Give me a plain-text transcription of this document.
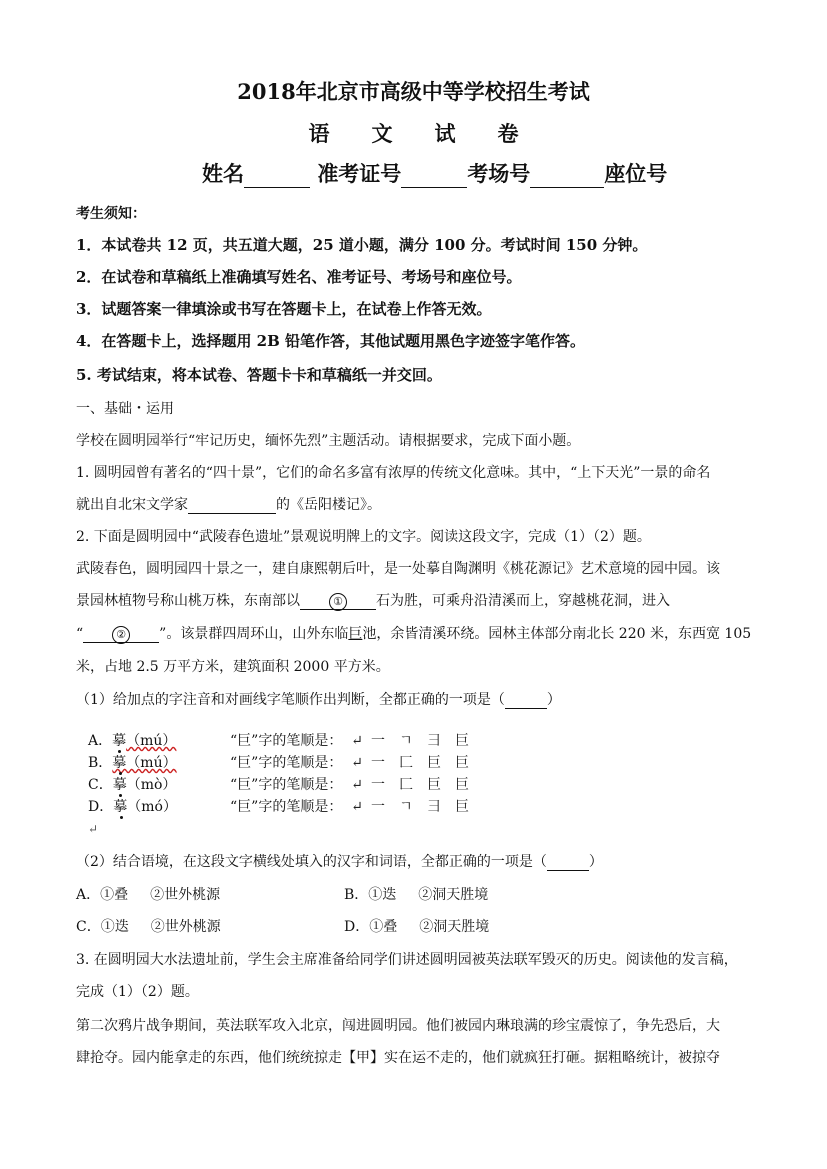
2018年北京市高级中等学校招生考试
语　　文　　试　　卷
姓名	准考证号	考场号	座位号
考生须知：
1．本试卷共 12 页，共五道大题，25 道小题，满分 100 分。考试时间 150 分钟。
2．在试卷和草稿纸上准确填写姓名、准考证号、考场号和座位号。
3．试题答案一律填涂或书写在答题卡上，在试卷上作答无效。
4．在答题卡上，选择题用 2B 铅笔作答，其他试题用黑色字迹签字笔作答。
5. 考试结束，将本试卷、答题卡卡和草稿纸一并交回。
一、基础・运用
学校在圆明园举行“牢记历史，缅怀先烈”主题活动。请根据要求，完成下面小题。
1. 圆明园曾有著名的“四十景”，它们的命名多富有浓厚的传统文化意味。其中，“上下天光”一景的命名
就出自北宋文学家	的《岳阳楼记》。
2. 下面是圆明园中“武陵春色遗址”景观说明牌上的文字。阅读这段文字，完成（1）（2）题。
武陵春色，圆明园四十景之一，建自康熙朝后叶，是一处摹自陶渊明《桃花源记》艺术意境的园中园。该
景园林植物号称山桃万株，东南部以	① 石为胜，可乘舟沿清溪而上，穿越桃花洞，进入
“	② ”。该景群四周环山，山外东临巨池，余皆清溪环绕。园林主体部分南北长 220 米，东西宽 105
米，占地 2.5 万平方米，建筑面积 2000 平方米。
（1）给加点的字注音和对画线字笔顺作出判断，全都正确的一项是（	）
A．摹（mú）	“巨”字的笔顺是： ↵ 一 ㄱ 彐 巨
B．摹（mú）	“巨”字的笔顺是： ↵ 一 匚 巨 巨
C．摹（mò）	“巨”字的笔顺是： ↵ 一 匚 巨 巨
D．摹（mó）	“巨”字的笔顺是： ↵ 一 ㄱ 彐 巨
↵
（2）结合语境，在这段文字横线处填入的汉字和词语，全都正确的一项是（	）
A．①叠 ②世外桃源	B．①迭 ②洞天胜境
C．①迭 ②世外桃源	D．①叠 ②洞天胜境
3. 在圆明园大水法遗址前，学生会主席准备给同学们讲述圆明园被英法联军毁灭的历史。阅读他的发言稿，
完成（1）（2）题。
第二次鸦片战争期间，英法联军攻入北京，闯进圆明园。他们被园内琳琅满的珍宝震惊了，争先恐后，大
肆抢夺。园内能拿走的东西，他们统统掠走【甲】实在运不走的，他们就疯狂打砸。据粗略统计，被掠夺
